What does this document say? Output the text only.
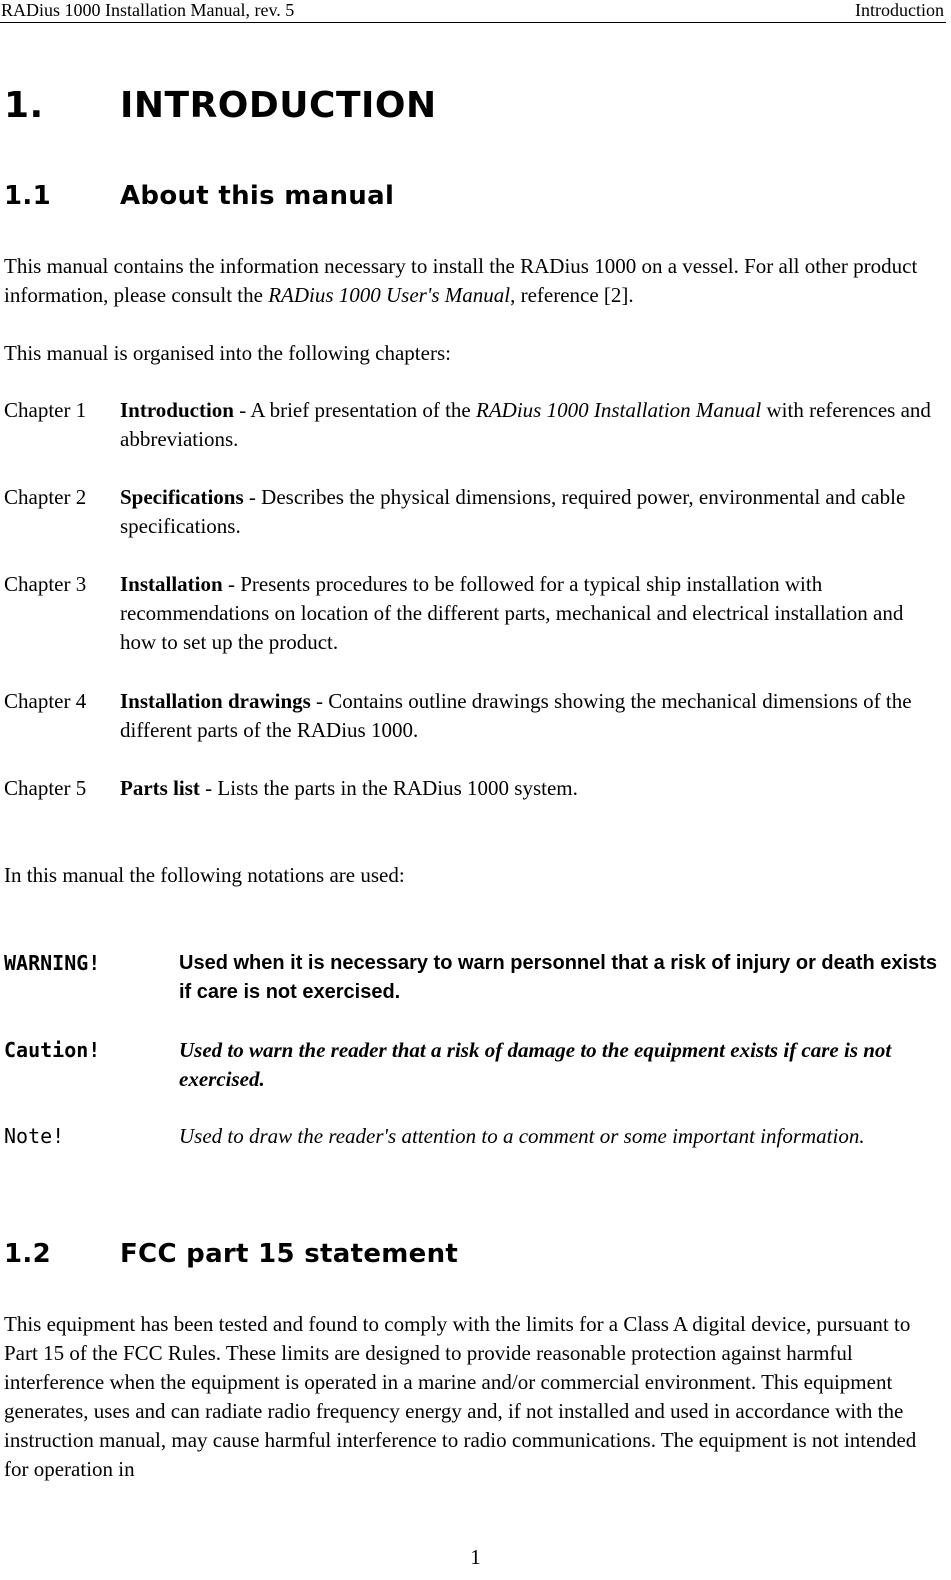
RADius 1000 Installation Manual, rev. 5	Introduction
1. INTRODUCTION
1.1	About this manual
This manual contains the information necessary to install the RADius 1000 on a vessel. For all other product information, please consult the RADius 1000 User's Manual, reference [2].
This manual is organised into the following chapters:
Chapter 1	Introduction - A brief presentation of the RADius 1000 Installation Manual with references and abbreviations.
Chapter 2	Specifications - Describes the physical dimensions, required power, environmental and cable specifications.
Chapter 3	Installation - Presents procedures to be followed for a typical ship installation with recommendations on location of the different parts, mechanical and electrical installation and how to set up the product.
Chapter 4	Installation drawings - Contains outline drawings showing the mechanical dimensions of the different parts of the RADius 1000.
Chapter 5	Parts list - Lists the parts in the RADius 1000 system.
In this manual the following notations are used:
WARNING!	Used when it is necessary to warn personnel that a risk of injury or death exists if care is not exercised.
Caution!	Used to warn the reader that a risk of damage to the equipment exists if care is not exercised.
Note!	Used to draw the reader's attention to a comment or some important information.
1.2	FCC part 15 statement
This equipment has been tested and found to comply with the limits for a Class A digital device, pursuant to Part 15 of the FCC Rules. These limits are designed to provide reasonable protection against harmful interference when the equipment is operated in a marine and/or commercial environment. This equipment generates, uses and can radiate radio frequency energy and, if not installed and used in accordance with the instruction manual, may cause harmful interference to radio communications. The equipment is not intended for operation in
1
